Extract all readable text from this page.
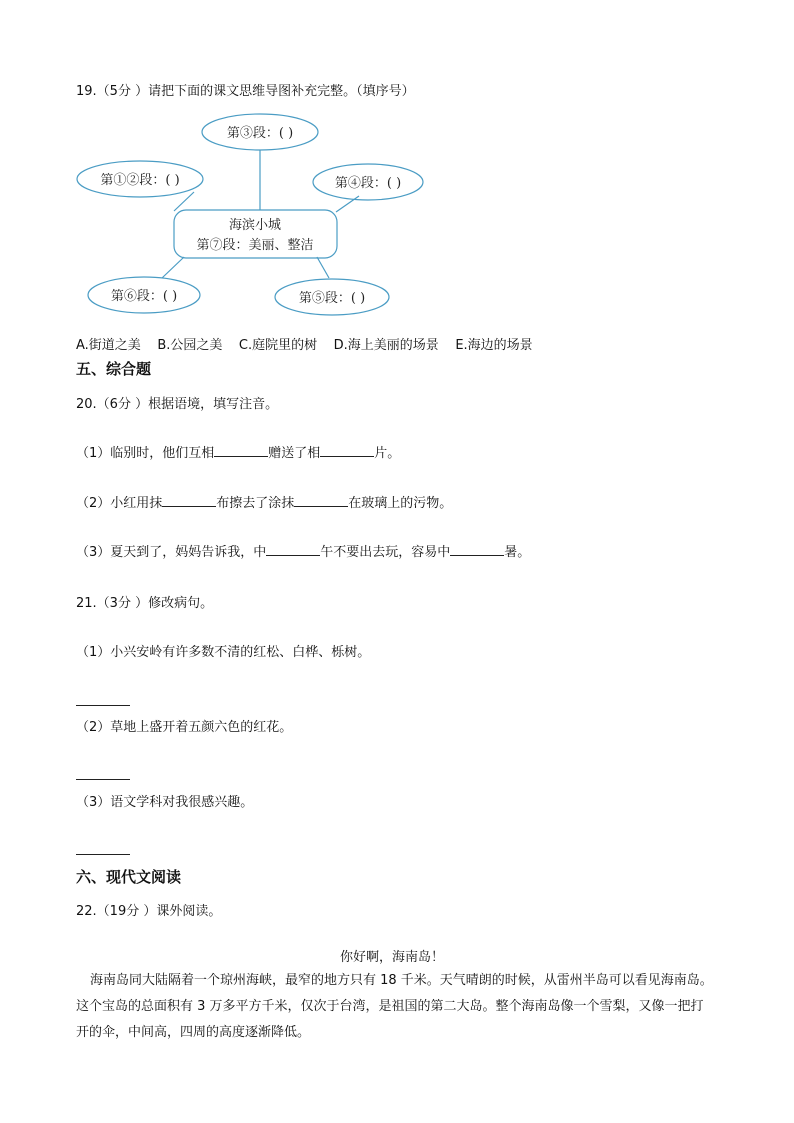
19.（5分 ）请把下面的课文思维导图补充完整。（填序号）
第③段：( )
第①②段：( )	第④段：( )
第⑥段：( )	第⑤段：( )
海滨小城
第⑦段：美丽、整洁
A.街道之美    B.公园之美    C.庭院里的树    D.海上美丽的场景    E.海边的场景
五、综合题
20.（6分 ）根据语境，填写注音。
（1）临别时，他们互相	赠送了相	片。
（2）小红用抹	布擦去了涂抹	在玻璃上的污物。
（3）夏天到了，妈妈告诉我，中	午不要出去玩，容易中	暑。
21.（3分 ）修改病句。
（1）小兴安岭有许多数不清的红松、白桦、栎树。
（2）草地上盛开着五颜六色的红花。
（3）语文学科对我很感兴趣。
六、现代文阅读
22.（19分 ）课外阅读。
你好啊，海南岛！
海南岛同大陆隔着一个琼州海峡，最窄的地方只有 18 千米。天气晴朗的时候，从雷州半岛可以看见海南岛。这个宝岛的总面积有 3 万多平方千米，仅次于台湾，是祖国的第二大岛。整个海南岛像一个雪梨，又像一把打开的伞，中间高，四周的高度逐渐降低。
